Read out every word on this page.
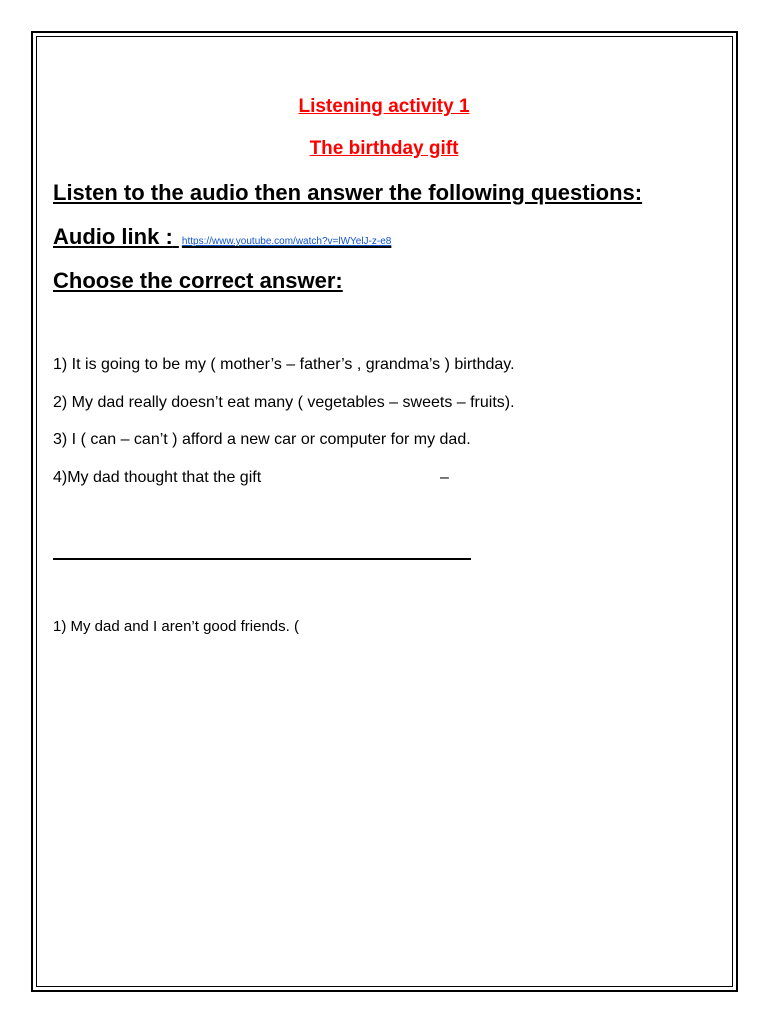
Listening activity 1
The birthday gift
Listen to the audio then answer the following questions:
Audio link : https://www.youtube.com/watch?v=lWYelJ-z-e8
Choose the correct answer:
1) It is going to be my ( mother’s – father’s , grandma’s ) birthday.
2) My dad really doesn’t eat many ( vegetables – sweets – fruits).
3) I ( can – can’t ) afford a new car or computer for my dad.
4)My dad thought that the gift	–
1) My dad and I aren’t good friends. (
